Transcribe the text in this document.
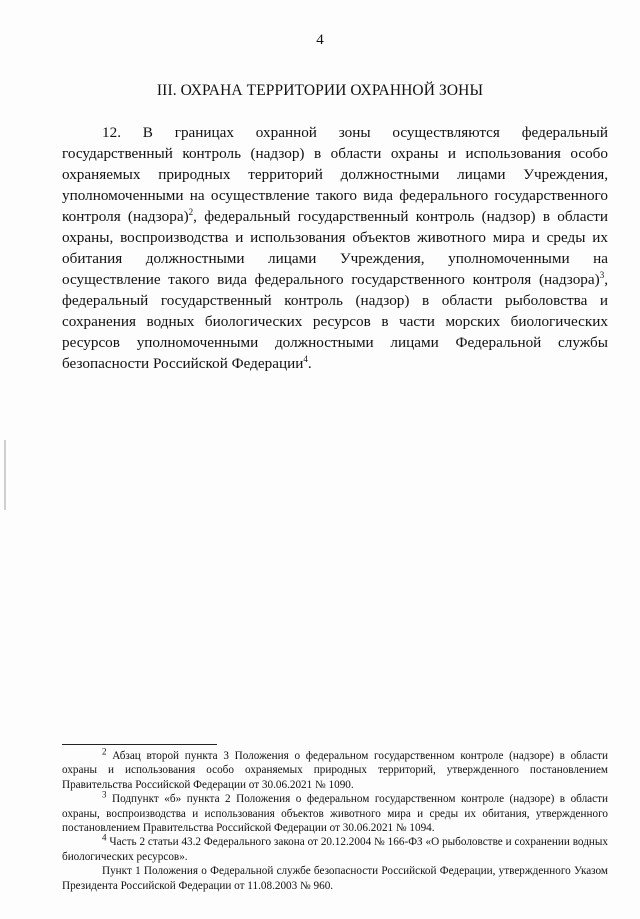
4
III. ОХРАНА ТЕРРИТОРИИ ОХРАННОЙ ЗОНЫ

12. В границах охранной зоны осуществляются федеральный государственный контроль (надзор) в области охраны и использования особо охраняемых природных территорий должностными лицами Учреждения, уполномоченными на осуществление такого вида федерального государственного контроля (надзора)$^2$, федеральный государственный контроль (надзор) в области охраны, воспроизводства и использования объектов животного мира и среды их обитания должностными лицами Учреждения, уполномоченными на осуществление такого вида федерального государственного контроля (надзора)$^3$, федеральный государственный контроль (надзор) в области рыболовства и сохранения водных биологических ресурсов в части морских биологических ресурсов уполномоченными должностными лицами Федеральной службы безопасности Российской Федерации$^4$.

$^2$ Абзац второй пункта 3 Положения о федеральном государственном контроле (надзоре) в области охраны и использования особо охраняемых природных территорий, утвержденного постановлением Правительства Российской Федерации от 30.06.2021 № 1090.

$^3$ Подпункт «б» пункта 2 Положения о федеральном государственном контроле (надзоре) в области охраны, воспроизводства и использования объектов животного мира и среды их обитания, утвержденного постановлением Правительства Российской Федерации от 30.06.2021 № 1094.

$^4$ Часть 2 статьи 43.2 Федерального закона от 20.12.2004 № 166-ФЗ «О рыболовстве и сохранении водных биологических ресурсов».

Пункт 1 Положения о Федеральной службе безопасности Российской Федерации, утвержденного Указом Президента Российской Федерации от 11.08.2003 № 960.
